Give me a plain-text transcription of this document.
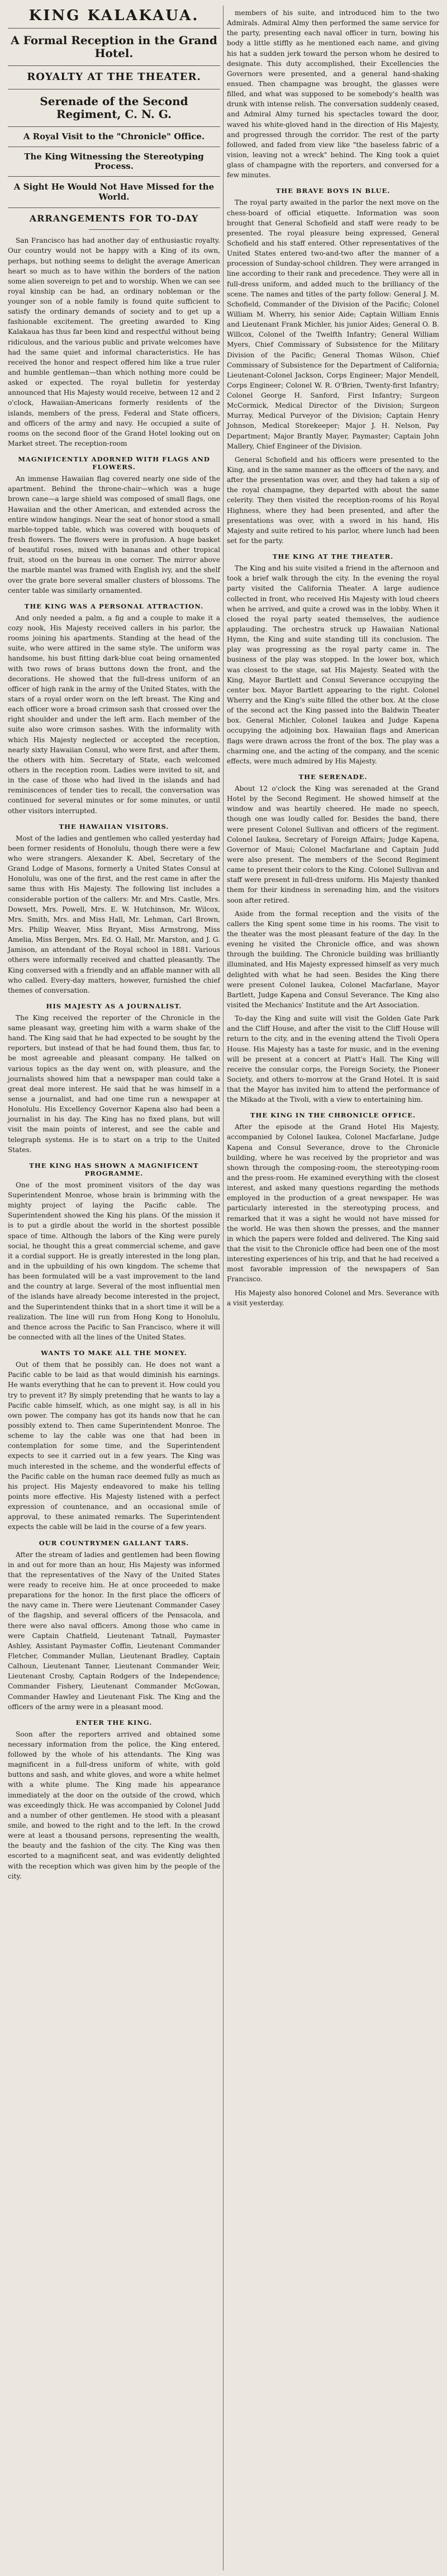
KING KALAKAUA.
A Formal Reception in the Grand Hotel.
ROYALTY AT THE THEATER.
Serenade of the Second Regiment, C. N. G.
A Royal Visit to the "Chronicle" Office.
The King Witnessing the Stereotyping Process.
A Sight He Would Not Have Missed for the World.
ARRANGEMENTS FOR TO-DAY

San Francisco has had another day of enthusiastic royalty. Our country would not be happy with a King of its own, perhaps, but nothing seems to delight the average American heart so much as to have within the borders of the nation some alien sovereign to pet and to worship. When we can see royal kinship can be had, an ordinary nobleman or the younger son of a noble family is found quite sufficient to satisfy the ordinary demands of society and to get up a fashionable excitement. The greeting awarded to King Kalakaua has thus far been kind and respectful without being ridiculous, and the various public and private welcomes have had the same quiet and informal characteristics. He has received the honor and respect offered him like a true ruler and humble gentleman—than which nothing more could be asked or expected. The royal bulletin for yesterday announced that His Majesty would receive, between 12 and 2 o'clock, Hawaiian-Americans formerly residents of the islands, members of the press, Federal and State officers, and officers of the army and navy. He occupied a suite of rooms on the second floor of the Grand Hotel looking out on Market street. The reception-room

MAGNIFICENTLY ADORNED WITH FLAGS AND FLOWERS.

An immense Hawaiian flag covered nearly one side of the apartment. Behind the throne-chair—which was a huge brown cane—a large shield was composed of small flags, one Hawaiian and the other American, and extended across the entire window hangings. Near the seat of honor stood a small marble-topped table, which was covered with bouquets of fresh flowers. The flowers were in profusion. A huge basket of beautiful roses, mixed with bananas and other tropical fruit, stood on the bureau in one corner. The mirror above the marble mantel was framed with English ivy, and the shelf over the grate bore several smaller clusters of blossoms. The center table was similarly ornamented.

THE KING WAS A PERSONAL ATTRACTION.

And only needed a palm, a fig and a couple to make it a cozy nook, His Majesty received callers in his parlor, the rooms joining his apartments. Standing at the head of the suite, who were attired in the same style. The uniform was handsome, his bust fitting dark-blue coat being ornamented with two rows of brass buttons down the front, and the decorations. He showed that the full-dress uniform of an officer of high rank in the army of the United States, with the stars of a royal order worn on the left breast. The King and each officer wore a broad crimson sash that crossed over the right shoulder and under the left arm. Each member of the suite also wore crimson sashes. With the informality with which His Majesty neglected or accepted the reception, nearly sixty Hawaiian Consul, who were first, and after them, the others with him. Secretary of State, each welcomed others in the reception room. Ladies were invited to sit, and in the case of those who had lived in the islands and had reminiscences of tender ties to recall, the conversation was continued for several minutes or for some minutes, or until other visitors interrupted.

THE HAWAIIAN VISITORS.

Most of the ladies and gentlemen who called yesterday had been former residents of Honolulu, though there were a few who were strangers. Alexander K. Abel, Secretary of the Grand Lodge of Masons, formerly a United States Consul at Honolulu, was one of the first, and the rest came in after the same thus with His Majesty. The following list includes a considerable portion of the callers: Mr. and Mrs. Castle, Mrs. Dowsett, Mrs. Powell, Mrs. E. W. Hutchinson, Mr. Wilcox, Mrs. Smith, Mrs. and Miss Hall, Mr. Lehman, Carl Brown, Mrs. Philip Weaver, Miss Bryant, Miss Armstrong, Miss Amelia, Miss Bergen, Mrs. Ed. O. Hall, Mr. Marston, and J. G. Jamison, an attendant of the Royal school in 1881. Various others were informally received and chatted pleasantly. The King conversed with a friendly and an affable manner with all who called. Every-day matters, however, furnished the chief themes of conversation.

HIS MAJESTY AS A JOURNALIST.

The King received the reporter of the Chronicle in the same pleasant way, greeting him with a warm shake of the hand. The King said that he had expected to be sought by the reporters, but instead of that he had found them, thus far, to be most agreeable and pleasant company. He talked on various topics as the day went on, with pleasure, and the journalists showed him that a newspaper man could take a great deal more interest. He said that he was himself in a sense a journalist, and had one time run a newspaper at Honolulu. His Excellency Governor Kapena also had been a journalist in his day. The King has no fixed plans, but will visit the main points of interest, and see the cable and telegraph systems. He is to start on a trip to the United States.

THE KING HAS SHOWN A MAGNIFICENT PROGRAMME.

One of the most prominent visitors of the day was Superintendent Monroe, whose brain is brimming with the mighty project of laying the Pacific cable. The Superintendent showed the King his plans. Of the mission it is to put a girdle about the world in the shortest possible space of time. Although the labors of the King were purely social, he thought this a great commercial scheme, and gave it a cordial support. He is greatly interested in the long plan, and in the upbuilding of his own kingdom. The scheme that has been formulated will be a vast improvement to the land and the country at large. Several of the most influential men of the islands have already become interested in the project, and the Superintendent thinks that in a short time it will be a realization. The line will run from Hong Kong to Honolulu, and thence across the Pacific to San Francisco, where it will be connected with all the lines of the United States.

WANTS TO MAKE ALL THE MONEY.

Out of them that he possibly can. He does not want a Pacific cable to be laid as that would diminish his earnings. He wants everything that he can to prevent it. How could you try to prevent it? By simply pretending that he wants to lay a Pacific cable himself, which, as one might say, is all in his own power. The company has got its hands now that he can possibly extend to. Then came Superintendent Monroe. The scheme to lay the cable was one that had been in contemplation for some time, and the Superintendent expects to see it carried out in a few years. The King was much interested in the scheme, and the wonderful effects of the Pacific cable on the human race deemed fully as much as his project. His Majesty endeavored to make his telling points more effective. His Majesty listened with a perfect expression of countenance, and an occasional smile of approval, to these animated remarks. The Superintendent expects the cable will be laid in the course of a few years.

OUR COUNTRYMEN GALLANT TARS.

After the stream of ladies and gentlemen had been flowing in and out for more than an hour, His Majesty was informed that the representatives of the Navy of the United States were ready to receive him. He at once proceeded to make preparations for the honor. In the first place the officers of the navy came in. There were Lieutenant Commander Casey of the flagship, and several officers of the Pensacola, and there were also naval officers. Among those who came in were Captain Chatfield, Lieutenant Tatnall, Paymaster Ashley, Assistant Paymaster Coffin, Lieutenant Commander Fletcher, Commander Mullan, Lieutenant Bradley, Captain Calhoun, Lieutenant Tanner, Lieutenant Commander Weir, Lieutenant Crosby, Captain Rodgers of the Independence; Commander Fishery, Lieutenant Commander McGowan, Commander Hawley and Lieutenant Fisk. The King and the officers of the army were in a pleasant mood.

ENTER THE KING.

Soon after the reporters arrived and obtained some necessary information from the police, the King entered, followed by the whole of his attendants. The King was magnificent in a full-dress uniform of white, with gold buttons and sash, and white gloves, and wore a white helmet with a white plume. The King made his appearance immediately at the door on the outside of the crowd, which was exceedingly thick. He was accompanied by Colonel Judd and a number of other gentlemen. He stood with a pleasant smile, and bowed to the right and to the left. In the crowd were at least a thousand persons, representing the wealth, the beauty and the fashion of the city. The King was then escorted to a magnificent seat, and was evidently delighted with the reception which was given him by the people of the city.

members of his suite, and introduced him to the two Admirals. Admiral Almy then performed the same service for the party, presenting each naval officer in turn, bowing his body a little stiffly as he mentioned each name, and giving his hat a sudden jerk toward the person whom he desired to designate. This duty accomplished, their Excellencies the Governors were presented, and a general hand-shaking ensued. Then champagne was brought, the glasses were filled, and what was supposed to be somebody's health was drunk with intense relish. The conversation suddenly ceased, and Admiral Almy turned his spectacles toward the door, waved his white-gloved hand in the direction of His Majesty, and progressed through the corridor. The rest of the party followed, and faded from view like "the baseless fabric of a vision, leaving not a wreck" behind. The King took a quiet glass of champagne with the reporters, and conversed for a few minutes.

THE BRAVE BOYS IN BLUE.

The royal party awaited in the parlor the next move on the chess-board of official etiquette. Information was soon brought that General Schofield and staff were ready to be presented. The royal pleasure being expressed, General Schofield and his staff entered. Other representatives of the United States entered two-and-two after the manner of a procession of Sunday-school children. They were arranged in line according to their rank and precedence. They were all in full-dress uniform, and added much to the brilliancy of the scene. The names and titles of the party follow: General J. M. Schofield, Commander of the Division of the Pacific; Colonel William M. Wherry, his senior Aide; Captain William Ennis and Lieutenant Frank Michler, his junior Aides; General O. B. Willcox, Colonel of the Twelfth Infantry; General William Myers, Chief Commissary of Subsistence for the Military Division of the Pacific; General Thomas Wilson, Chief Commissary of Subsistence for the Department of California; Lieutenant-Colonel Jackson, Corps Engineer; Major Mendell, Corps Engineer; Colonel W. R. O'Brien, Twenty-first Infantry; Colonel George H. Sanford, First Infantry; Surgeon McCormick, Medical Director of the Division; Surgeon Murray, Medical Purveyor of the Division; Captain Henry Johnson, Medical Storekeeper; Major J. H. Nelson, Pay Department; Major Brantly Mayer, Paymaster; Captain John Mallery, Chief Engineer of the Division.

General Schofield and his officers were presented to the King, and in the same manner as the officers of the navy, and after the presentation was over, and they had taken a sip of the royal champagne, they departed with about the same celerity. They then visited the reception-rooms of his Royal Highness, where they had been presented, and after the presentations was over, with a sword in his hand, His Majesty and suite retired to his parlor, where lunch had been set for the party.

THE KING AT THE THEATER.

The King and his suite visited a friend in the afternoon and took a brief walk through the city. In the evening the royal party visited the California Theater. A large audience collected in front, who received His Majesty with loud cheers when he arrived, and quite a crowd was in the lobby. When it closed the royal party seated themselves, the audience applauding. The orchestra struck up Hawaiian National Hymn, the King and suite standing till its conclusion. The play was progressing as the royal party came in. The business of the play was stopped. In the lower box, which was closest to the stage, sat His Majesty. Seated with the King, Mayor Bartlett and Consul Severance occupying the center box. Mayor Bartlett appearing to the right. Colonel Wherry and the King's suite filled the other box. At the close of the second act the King passed into the Baldwin Theater box. General Michler, Colonel Iaukea and Judge Kapena occupying the adjoining box. Hawaiian flags and American flags were drawn across the front of the box. The play was a charming one, and the acting of the company, and the scenic effects, were much admired by His Majesty.

THE SERENADE.

About 12 o'clock the King was serenaded at the Grand Hotel by the Second Regiment. He showed himself at the window and was heartily cheered. He made no speech, though one was loudly called for. Besides the band, there were present Colonel Sullivan and officers of the regiment. Colonel Iaukea, Secretary of Foreign Affairs; Judge Kapena, Governor of Maui; Colonel Macfarlane and Captain Judd were also present. The members of the Second Regiment came to present their colors to the King. Colonel Sullivan and staff were present in full-dress uniform. His Majesty thanked them for their kindness in serenading him, and the visitors soon after retired.

Aside from the formal reception and the visits of the callers the King spent some time in his rooms. The visit to the theater was the most pleasant feature of the day. In the evening he visited the Chronicle office, and was shown through the building. The Chronicle building was brilliantly illuminated, and His Majesty expressed himself as very much delighted with what he had seen. Besides the King there were present Colonel Iaukea, Colonel Macfarlane, Mayor Bartlett, Judge Kapena and Consul Severance. The King also visited the Mechanics' Institute and the Art Association.

To-day the King and suite will visit the Golden Gate Park and the Cliff House, and after the visit to the Cliff House will return to the city, and in the evening attend the Tivoli Opera House. His Majesty has a taste for music, and in the evening will be present at a concert at Platt's Hall. The King will receive the consular corps, the Foreign Society, the Pioneer Society, and others to-morrow at the Grand Hotel. It is said that the Mayor has invited him to attend the performance of the Mikado at the Tivoli, with a view to entertaining him.

THE KING IN THE CHRONICLE OFFICE.

After the episode at the Grand Hotel His Majesty, accompanied by Colonel Iaukea, Colonel Macfarlane, Judge Kapena and Consul Severance, drove to the Chronicle building, where he was received by the proprietor and was shown through the composing-room, the stereotyping-room and the press-room. He examined everything with the closest interest, and asked many questions regarding the methods employed in the production of a great newspaper. He was particularly interested in the stereotyping process, and remarked that it was a sight he would not have missed for the world. He was then shown the presses, and the manner in which the papers were folded and delivered. The King said that the visit to the Chronicle office had been one of the most interesting experiences of his trip, and that he had received a most favorable impression of the newspapers of San Francisco.

His Majesty also honored Colonel and Mrs. Severance with a visit yesterday.
